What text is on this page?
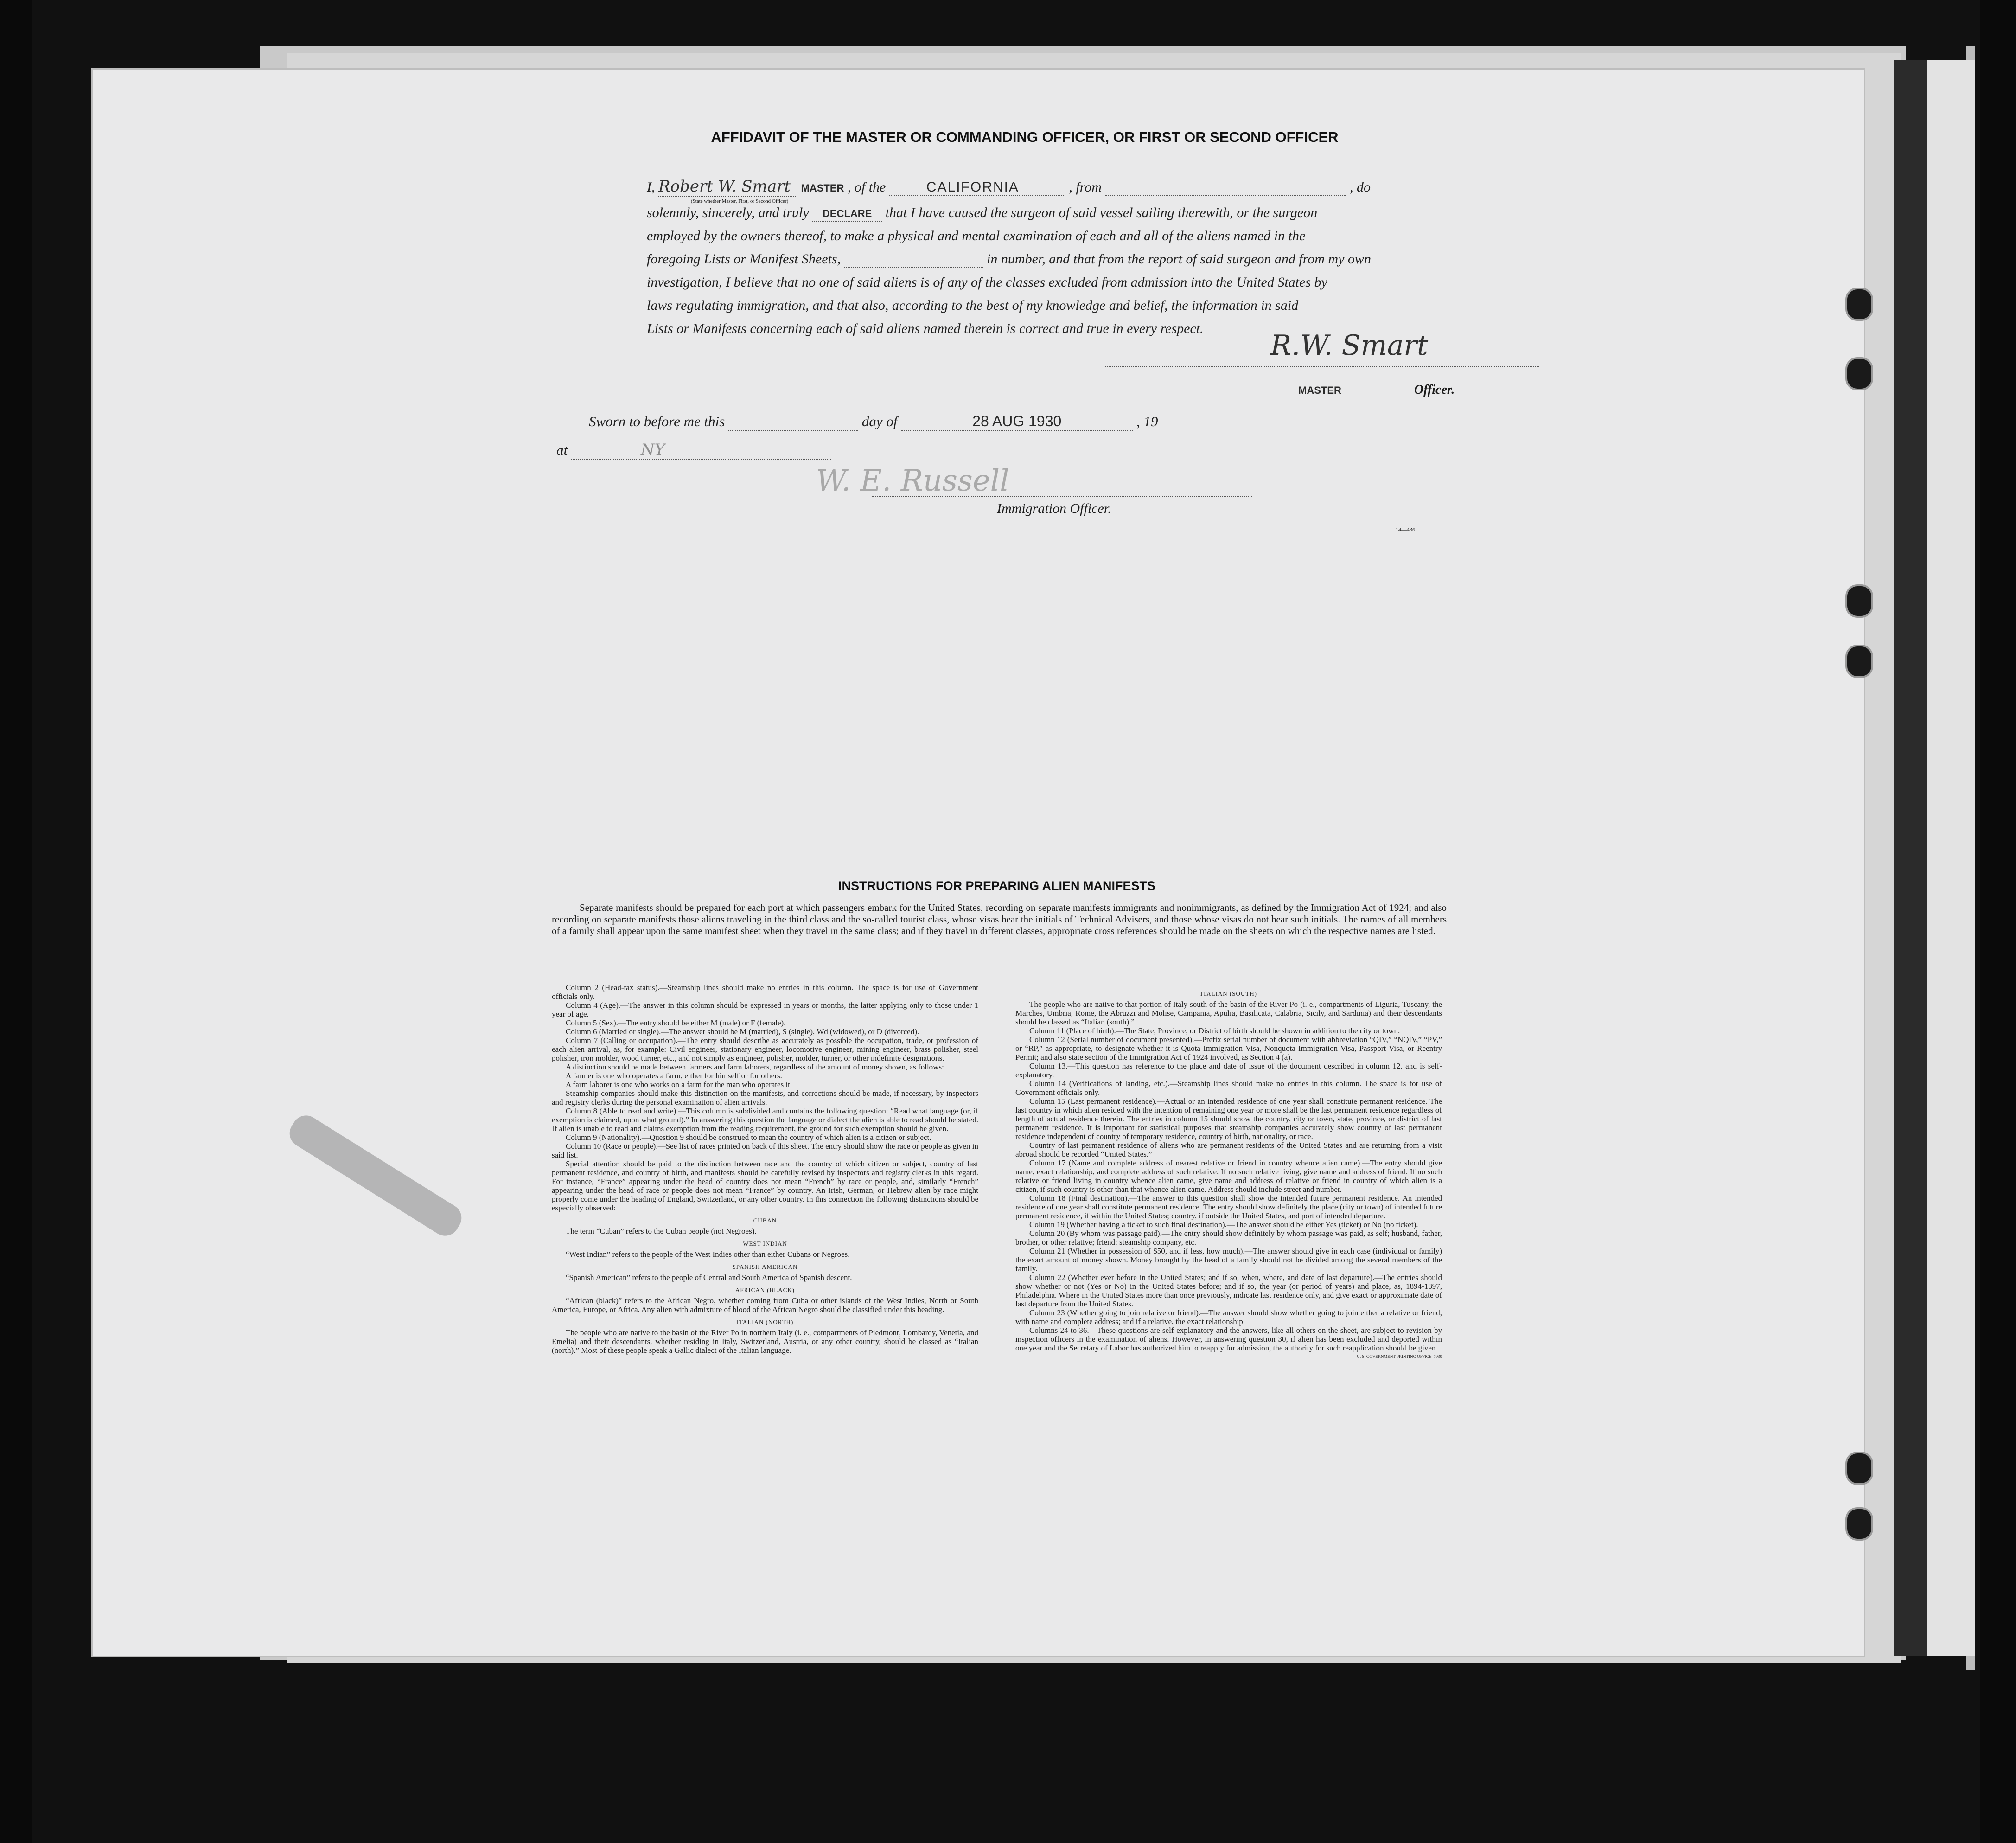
AFFIDAVIT OF THE MASTER OR COMMANDING OFFICER, OR FIRST OR SECOND OFFICER
I, Robert W. Smart MASTER , of the	CALIFORNIA	, from	, do
(State whether Master, First, or Second Officer)
solemnly, sincerely, and truly DECLARE that I have caused the surgeon of said vessel sailing therewith, or the surgeon
employed by the owners thereof, to make a physical and mental examination of each and all of the aliens named in the
foregoing Lists or Manifest Sheets,	in number, and that from the report of said surgeon and from my own
investigation, I believe that no one of said aliens is of any of the classes excluded from admission into the United States by
laws regulating immigration, and that also, according to the best of my knowledge and belief, the information in said
Lists or Manifests concerning each of said aliens named therein is correct and true in every respect.
R.W. Smart
MASTER	Officer.
Sworn to before me this	day of	28 AUG 1930	, 19
at	NY
W. E. Russell
Immigration Officer.
14—436
INSTRUCTIONS FOR PREPARING ALIEN MANIFESTS
Separate manifests should be prepared for each port at which passengers embark for the United States, recording on separate manifests immigrants and nonimmigrants, as defined by the Immigration Act of 1924; and also recording on separate manifests those aliens traveling in the third class and the so-called tourist class, whose visas bear the initials of Technical Advisers, and those whose visas do not bear such initials. The names of all members of a family shall appear upon the same manifest sheet when they travel in the same class; and if they travel in different classes, appropriate cross references should be made on the sheets on which the respective names are listed.

Column 2 (Head-tax status).—Steamship lines should make no entries in this column. The space is for use of Government officials only.

Column 4 (Age).—The answer in this column should be expressed in years or months, the latter applying only to those under 1 year of age.

Column 5 (Sex).—The entry should be either M (male) or F (female).

Column 6 (Married or single).—The answer should be M (married), S (single), Wd (widowed), or D (divorced).

Column 7 (Calling or occupation).—The entry should describe as accurately as possible the occupation, trade, or profession of each alien arrival, as, for example: Civil engineer, stationary engineer, locomotive engineer, mining engineer, brass polisher, steel polisher, iron molder, wood turner, etc., and not simply as engineer, polisher, molder, turner, or other indefinite designations.

A distinction should be made between farmers and farm laborers, regardless of the amount of money shown, as follows:

A farmer is one who operates a farm, either for himself or for others.

A farm laborer is one who works on a farm for the man who operates it.

Steamship companies should make this distinction on the manifests, and corrections should be made, if necessary, by inspectors and registry clerks during the personal examination of alien arrivals.

Column 8 (Able to read and write).—This column is subdivided and contains the following question: “Read what language (or, if exemption is claimed, upon what ground).” In answering this question the language or dialect the alien is able to read should be stated. If alien is unable to read and claims exemption from the reading requirement, the ground for such exemption should be given.

Column 9 (Nationality).—Question 9 should be construed to mean the country of which alien is a citizen or subject.

Column 10 (Race or people).—See list of races printed on back of this sheet. The entry should show the race or people as given in said list.

Special attention should be paid to the distinction between race and the country of which citizen or subject, country of last permanent residence, and country of birth, and manifests should be carefully revised by inspectors and registry clerks in this regard. For instance, “France” appearing under the head of country does not mean “French” by race or people, and, similarly “French” appearing under the head of race or people does not mean “France” by country. An Irish, German, or Hebrew alien by race might properly come under the heading of England, Switzerland, or any other country. In this connection the following distinctions should be especially observed:

CUBAN

The term “Cuban” refers to the Cuban people (not Negroes).

WEST INDIAN

“West Indian” refers to the people of the West Indies other than either Cubans or Negroes.

SPANISH AMERICAN

“Spanish American” refers to the people of Central and South America of Spanish descent.

AFRICAN (BLACK)

“African (black)” refers to the African Negro, whether coming from Cuba or other islands of the West Indies, North or South America, Europe, or Africa. Any alien with admixture of blood of the African Negro should be classified under this heading.

ITALIAN (NORTH)

The people who are native to the basin of the River Po in northern Italy (i. e., compartments of Piedmont, Lombardy, Venetia, and Emelia) and their descendants, whether residing in Italy, Switzerland, Austria, or any other country, should be classed as “Italian (north).” Most of these people speak a Gallic dialect of the Italian language.

ITALIAN (SOUTH)

The people who are native to that portion of Italy south of the basin of the River Po (i. e., compartments of Liguria, Tuscany, the Marches, Umbria, Rome, the Abruzzi and Molise, Campania, Apulia, Basilicata, Calabria, Sicily, and Sardinia) and their descendants should be classed as “Italian (south).”

Column 11 (Place of birth).—The State, Province, or District of birth should be shown in addition to the city or town.

Column 12 (Serial number of document presented).—Prefix serial number of document with abbreviation “QIV,” “NQIV,” “PV,” or “RP,” as appropriate, to designate whether it is Quota Immigration Visa, Nonquota Immigration Visa, Passport Visa, or Reentry Permit; and also state section of the Immigration Act of 1924 involved, as Section 4 (a).

Column 13.—This question has reference to the place and date of issue of the document described in column 12, and is self-explanatory.

Column 14 (Verifications of landing, etc.).—Steamship lines should make no entries in this column. The space is for use of Government officials only.

Column 15 (Last permanent residence).—Actual or an intended residence of one year shall constitute permanent residence. The last country in which alien resided with the intention of remaining one year or more shall be the last permanent residence regardless of length of actual residence therein. The entries in column 15 should show the country, city or town, state, province, or district of last permanent residence. It is important for statistical purposes that steamship companies accurately show country of last permanent residence independent of country of temporary residence, country of birth, nationality, or race.

Country of last permanent residence of aliens who are permanent residents of the United States and are returning from a visit abroad should be recorded “United States.”

Column 17 (Name and complete address of nearest relative or friend in country whence alien came).—The entry should give name, exact relationship, and complete address of such relative. If no such relative living, give name and address of friend. If no such relative or friend living in country whence alien came, give name and address of relative or friend in country of which alien is a citizen, if such country is other than that whence alien came. Address should include street and number.

Column 18 (Final destination).—The answer to this question shall show the intended future permanent residence. An intended residence of one year shall constitute permanent residence. The entry should show definitely the place (city or town) of intended future permanent residence, if within the United States; country, if outside the United States, and port of intended departure.

Column 19 (Whether having a ticket to such final destination).—The answer should be either Yes (ticket) or No (no ticket).

Column 20 (By whom was passage paid).—The entry should show definitely by whom passage was paid, as self; husband, father, brother, or other relative; friend; steamship company, etc.

Column 21 (Whether in possession of $50, and if less, how much).—The answer should give in each case (individual or family) the exact amount of money shown. Money brought by the head of a family should not be divided among the several members of the family.

Column 22 (Whether ever before in the United States; and if so, when, where, and date of last departure).—The entries should show whether or not (Yes or No) in the United States before; and if so, the year (or period of years) and place, as, 1894-1897, Philadelphia. Where in the United States more than once previously, indicate last residence only, and give exact or approximate date of last departure from the United States.

Column 23 (Whether going to join relative or friend).—The answer should show whether going to join either a relative or friend, with name and complete address; and if a relative, the exact relationship.

Columns 24 to 36.—These questions are self-explanatory and the answers, like all others on the sheet, are subject to revision by inspection officers in the examination of aliens. However, in answering question 30, if alien has been excluded and deported within one year and the Secretary of Labor has authorized him to reapply for admission, the authority for such reapplication should be given.

U. S. GOVERNMENT PRINTING OFFICE: 1930
